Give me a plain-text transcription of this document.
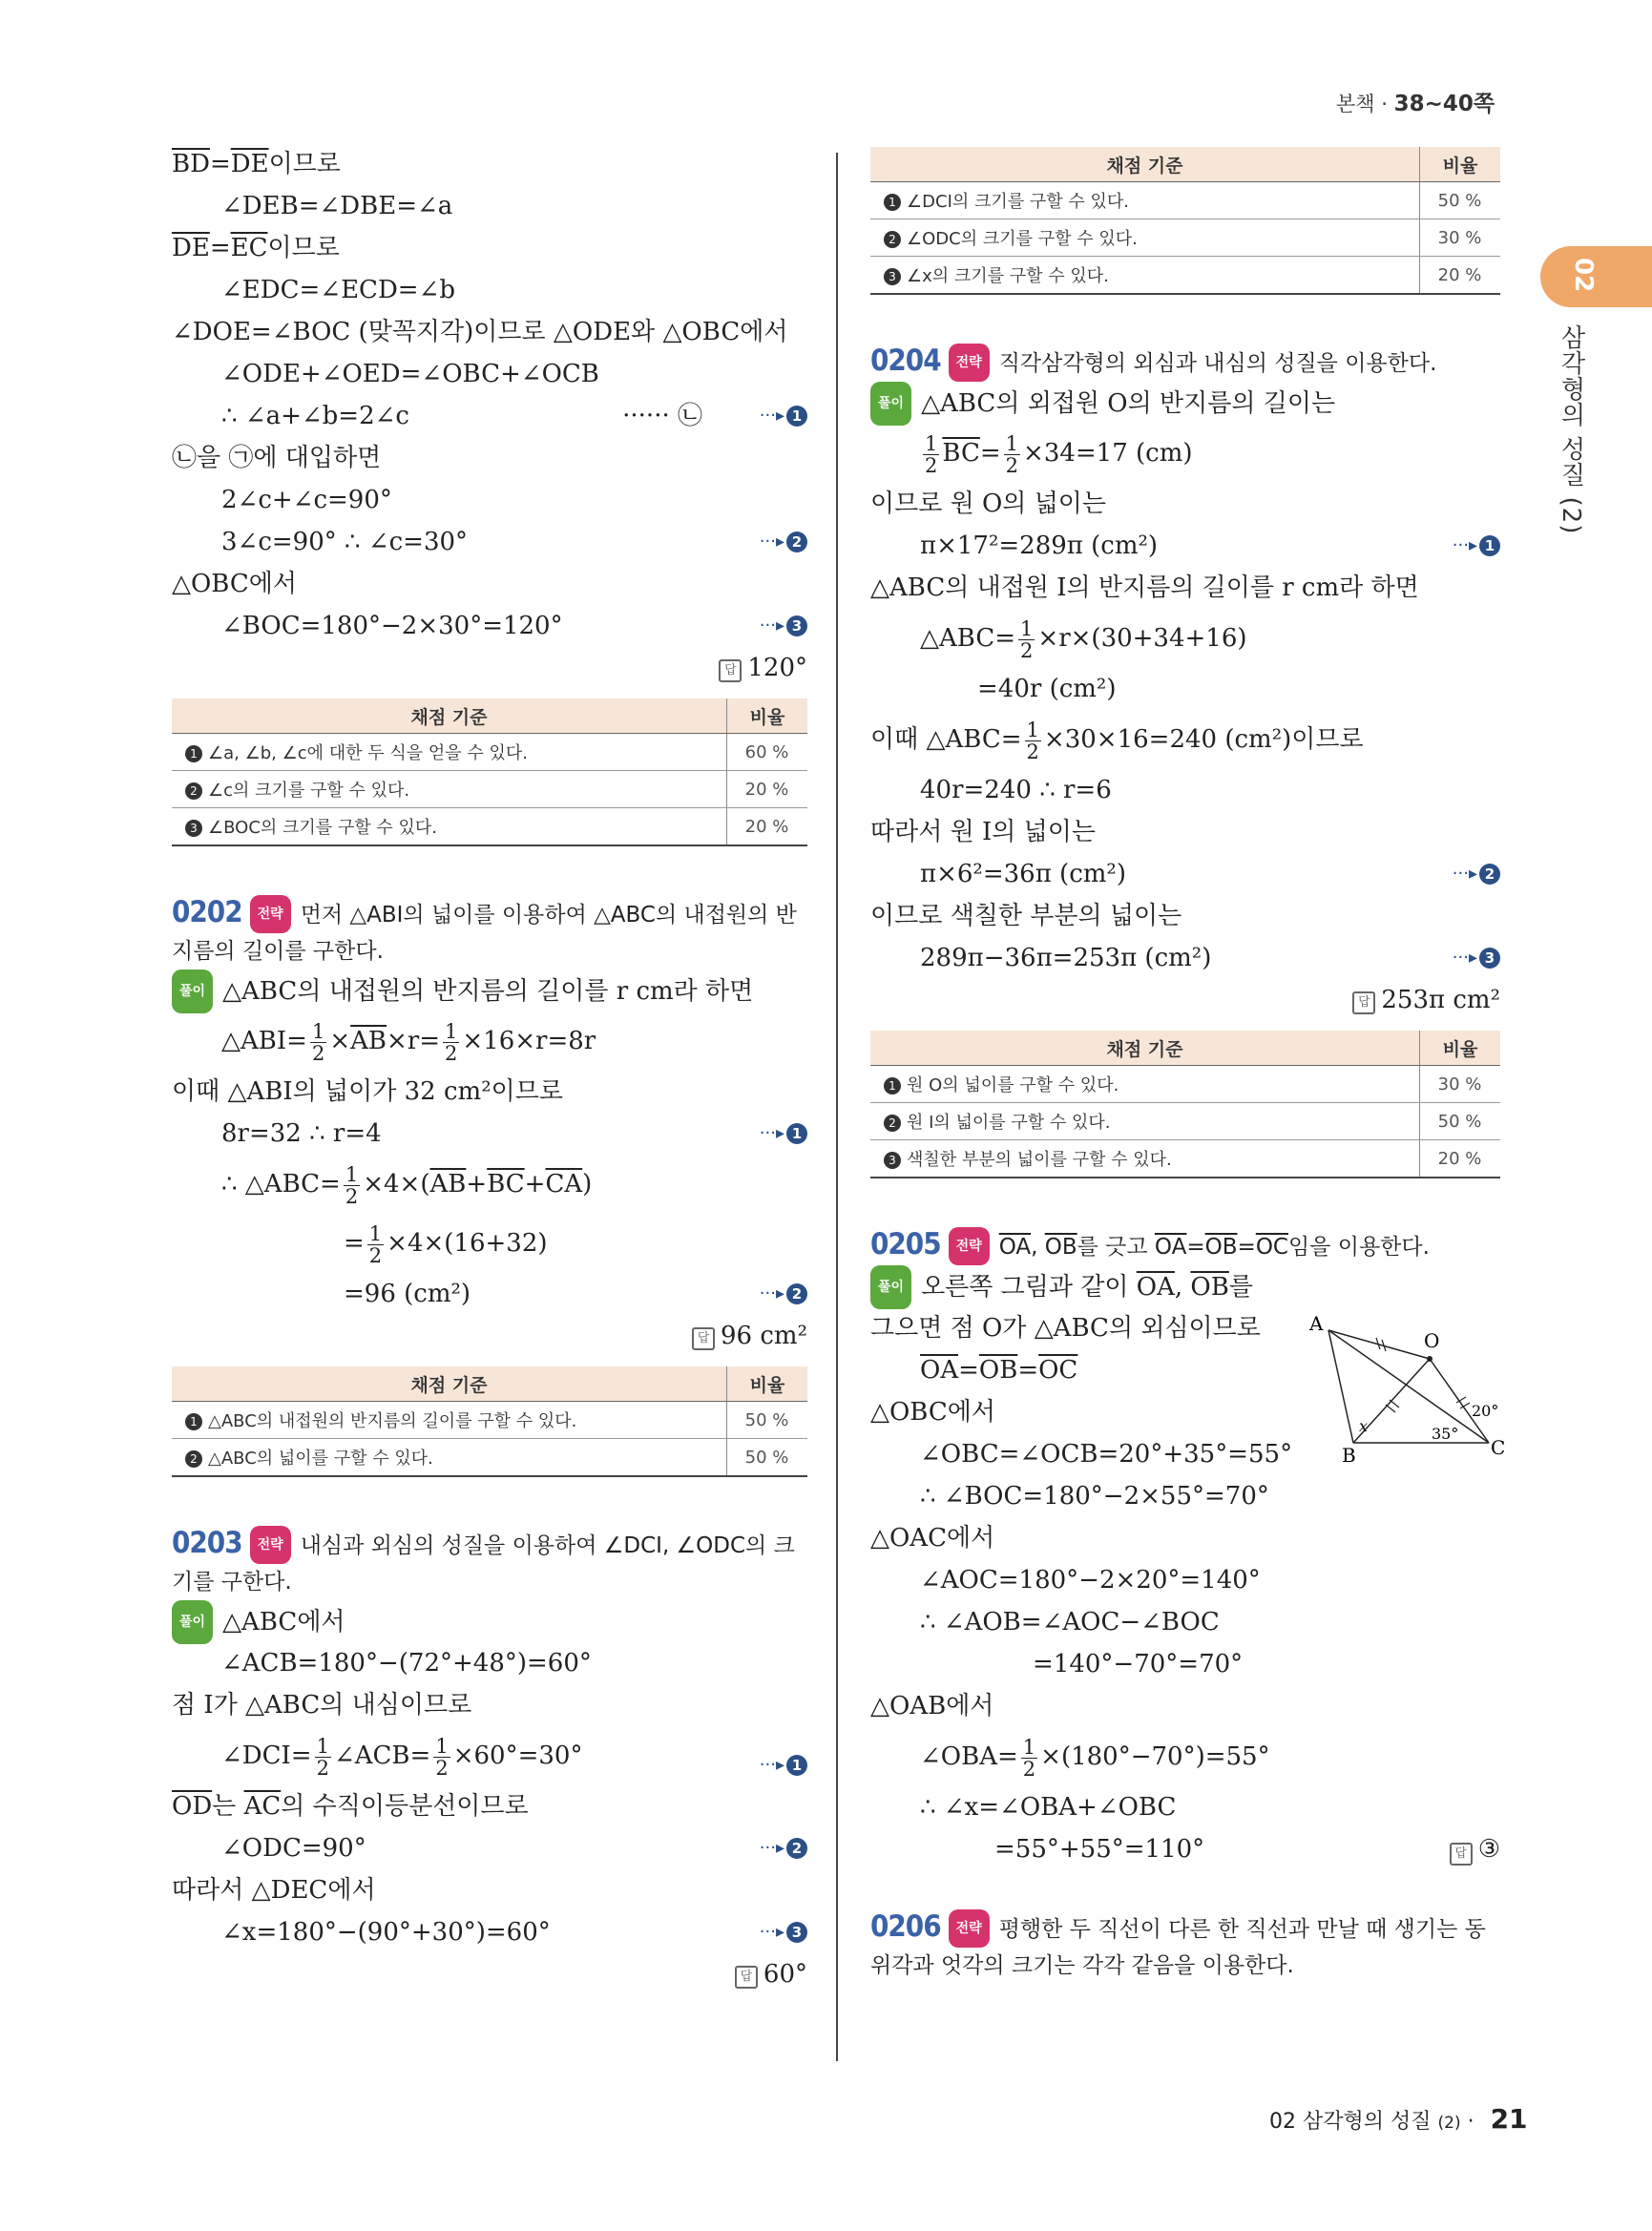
본책 · 38~40쪽
02
삼각형의 성질 (2)
$\overline{BD}=\overline{DE}$이므로
∠DEB=∠DBE=∠a
$\overline{DE}=\overline{EC}$이므로
∠EDC=∠ECD=∠b
∠DOE=∠BOC (맞꼭지각)이므로 △ODE와 △OBC에서
∠ODE+∠OED=∠OBC+∠OCB
∴ ∠a+∠b=2∠c	······ ㉡	···▸ 1
㉡을 ㉠에 대입하면
2∠c+∠c=90°
3∠c=90° ∴ ∠c=30°	···▸ 2
△OBC에서
∠BOC=180°−2×30°=120°	···▸ 3
답 120°
채점 기준	비율
1 ∠a, ∠b, ∠c에 대한 두 식을 얻을 수 있다.	60 %
2 ∠c의 크기를 구할 수 있다.	20 %
3 ∠BOC의 크기를 구할 수 있다.	20 %
0202 전략 먼저 △ABI의 넓이를 이용하여 △ABC의 내접원의 반지름의 길이를 구한다.
풀이 △ABC의 내접원의 반지름의 길이를 r cm라 하면
△ABI= $\frac{1}{2} \times\overline{AB}\times r= \frac{1}{2} \times 16\times r=8r$
이때 △ABI의 넓이가 32 cm²이므로
8r=32 ∴ r=4	···▸ 1
∴ △ABC= $\frac{1}{2} \times 4\times(\overline{AB}+\overline{BC}+\overline{CA})$
= $\frac{1}{2} \times 4\times(16+32)$
=96 (cm²)	···▸ 2
답 96 cm²
채점 기준	비율
1 △ABC의 내접원의 반지름의 길이를 구할 수 있다.	50 %
2 △ABC의 넓이를 구할 수 있다.	50 %
0203 전략 내심과 외심의 성질을 이용하여 ∠DCI, ∠ODC의 크기를 구한다.
풀이 △ABC에서
∠ACB=180°−(72°+48°)=60°
점 I가 △ABC의 내심이므로
∠DCI= $\frac{1}{2}$ ∠ACB= $\frac{1}{2} \times 60^\circ=30^\circ$	···▸ 1
$\overline{OD}$는 $\overline{AC}$의 수직이등분선이므로
∠ODC=90°	···▸ 2
따라서 △DEC에서
∠x=180°−(90°+30°)=60°	···▸ 3
답 60°
채점 기준	비율
1 ∠DCI의 크기를 구할 수 있다.	50 %
2 ∠ODC의 크기를 구할 수 있다.	30 %
3 ∠x의 크기를 구할 수 있다.	20 %
0204 전략 직각삼각형의 외심과 내심의 성질을 이용한다.
풀이 △ABC의 외접원 O의 반지름의 길이는
$\frac{1}{2} \overline{BC}= \frac{1}{2} \times 34=17$ (cm)
이므로 원 O의 넓이는
π×17²=289π (cm²)	···▸ 1
△ABC의 내접원 I의 반지름의 길이를 r cm라 하면
△ABC= $\frac{1}{2} \times r\times(30+34+16)$
=40r (cm²)
이때 △ABC= $\frac{1}{2} \times 30\times 16=240$ (cm²)이므로
40r=240 ∴ r=6
따라서 원 I의 넓이는
π×6²=36π (cm²)	···▸ 2
이므로 색칠한 부분의 넓이는
289π−36π=253π (cm²)	···▸ 3
답 253π cm²
채점 기준	비율
1 원 O의 넓이를 구할 수 있다.	30 %
2 원 I의 넓이를 구할 수 있다.	50 %
3 색칠한 부분의 넓이를 구할 수 있다.	20 %
0205 전략 $\overline{OA}$, $\overline{OB}$를 긋고 $\overline{OA}=\overline{OB}=\overline{OC}$임을 이용한다.
풀이 오른쪽 그림과 같이 $\overline{OA}$, $\overline{OB}$를
그으면 점 O가 △ABC의 외심이므로
$\overline{OA}=\overline{OB}=\overline{OC}$
△OBC에서
∠OBC=∠OCB=20°+35°=55°
∴ ∠BOC=180°−2×55°=70°
△OAC에서
∠AOC=180°−2×20°=140°
∴ ∠AOB=∠AOC−∠BOC
=140°−70°=70°
△OAB에서
∠OBA= $\frac{1}{2} \times(180^\circ-70^\circ)=55^\circ$
∴ ∠x=∠OBA+∠OBC
=55°+55°=110°	답 ③
0206 전략 평행한 두 직선이 다른 한 직선과 만날 때 생기는 동위각과 엇각의 크기는 각각 같음을 이용한다.
A
O
B	C
x
20°
35°
02 삼각형의 성질 (2) · 21
